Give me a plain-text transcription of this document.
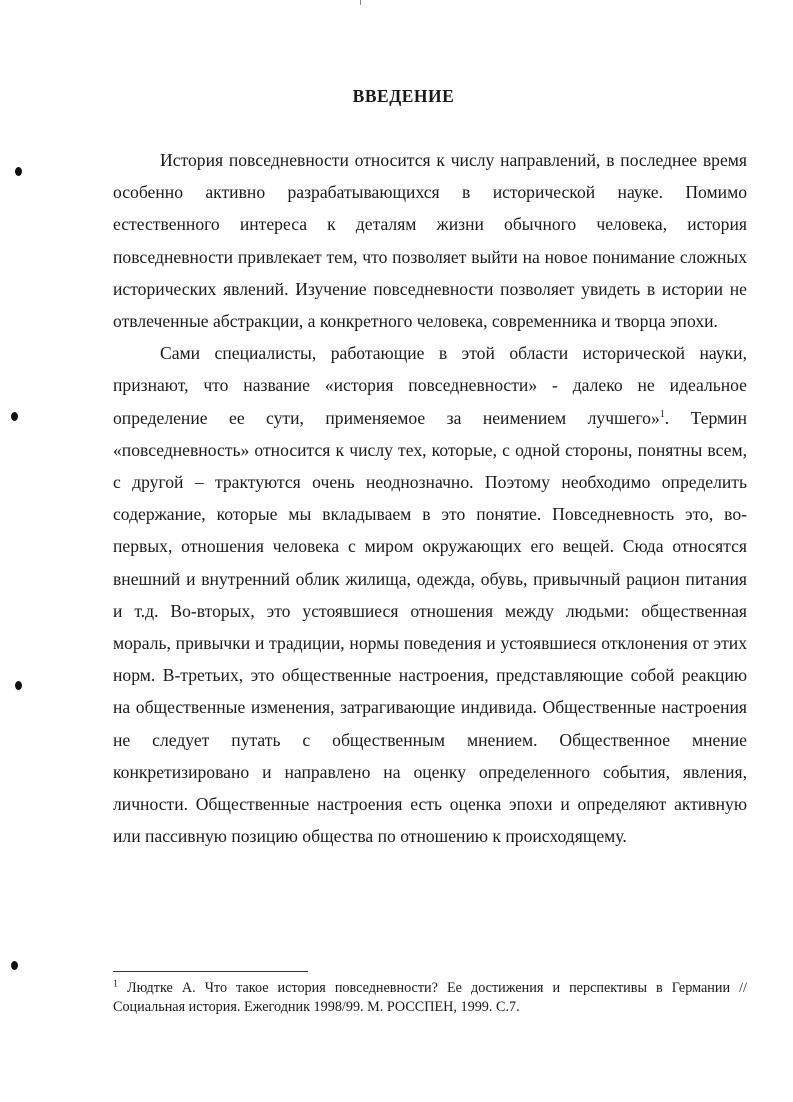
ВВЕДЕНИЕ

История повседневности относится к числу направлений, в последнее время особенно активно разрабатывающихся в исторической науке. Помимо естественного интереса к деталям жизни обычного человека, история повседневности привлекает тем, что позволяет выйти на новое понимание сложных исторических явлений. Изучение повседневности позволяет увидеть в истории не отвлеченные абстракции, а конкретного человека, современника и творца эпохи.

Сами специалисты, работающие в этой области исторической науки, признают, что название «история повседневности» - далеко не идеальное определение ее сути, применяемое за неимением лучшего»$^1$. Термин «повседневность» относится к числу тех, которые, с одной стороны, понятны всем, с другой – трактуются очень неоднозначно. Поэтому необходимо определить содержание, которые мы вкладываем в это понятие. Повседневность это, во-первых, отношения человека с миром окружающих его вещей. Сюда относятся внешний и внутренний облик жилища, одежда, обувь, привычный рацион питания и т.д. Во-вторых, это устоявшиеся отношения между людьми: общественная мораль, привычки и традиции, нормы поведения и устоявшиеся отклонения от этих норм. В-третьих, это общественные настроения, представляющие собой реакцию на общественные изменения, затрагивающие индивида. Общественные настроения не следует путать с общественным мнением. Общественное мнение конкретизировано и направлено на оценку определенного события, явления, личности. Общественные настроения есть оценка эпохи и определяют активную или пассивную позицию общества по отношению к происходящему.

$^1$ Людтке А. Что такое история повседневности? Ее достижения и перспективы в Германии // Социальная история. Ежегодник 1998/99. М. РОССПЕН, 1999. С.7.
